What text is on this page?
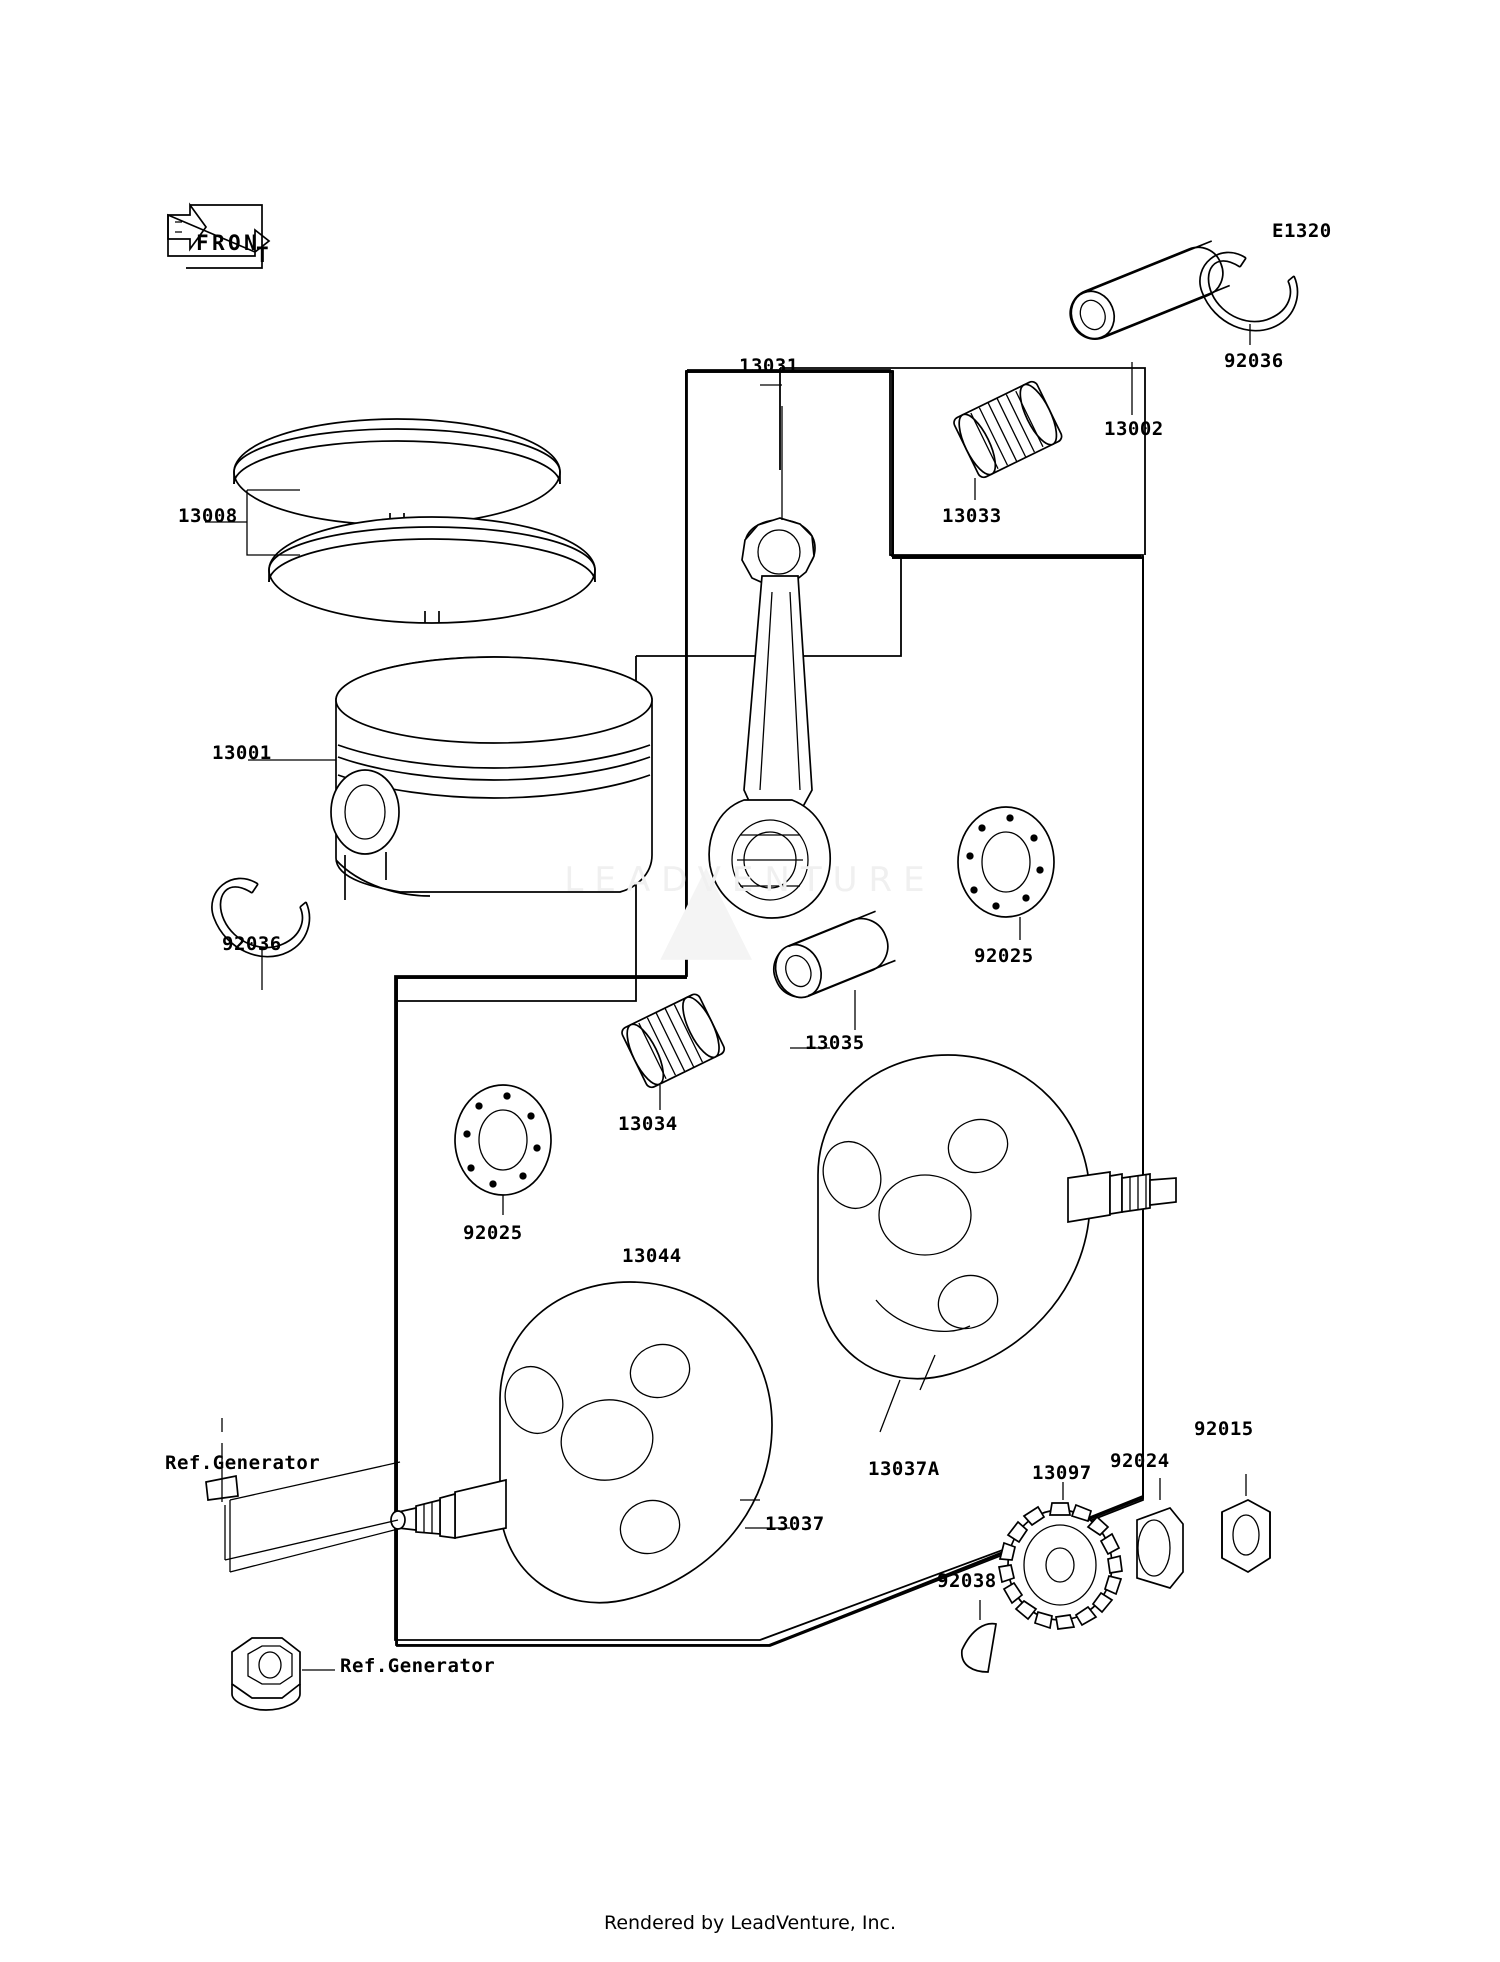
▲
LEADVENTURE
F R O N T
E1320
13008
13001
92036
13031
13002
92036
13033
92025
13035
13034
92025
13044
13037A
13037
13097
92024
92015
92038
Ref.Generator
Ref.Generator
Rendered by LeadVenture, Inc.
